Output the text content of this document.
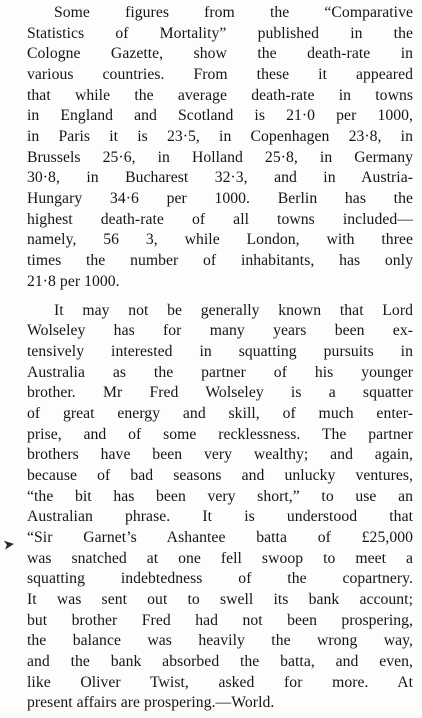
➤
Some figures from the “Comparative
Statistics of Mortality” published in the
Cologne Gazette, show the death-rate in
various countries. From these it appeared
that while the average death-rate in towns
in England and Scotland is 21·0 per 1000,
in Paris it is 23·5, in Copenhagen 23·8, in
Brussels 25·6, in Holland 25·8, in Germany
30·8, in Bucharest 32·3, and in Austria-
Hungary 34·6 per 1000. Berlin has the
highest death-rate of all towns included—
namely, 56 3, while London, with three
times the number of inhabitants, has only
21·8 per 1000.
It may not be generally known that Lord
Wolseley has for many years been ex-
tensively interested in squatting pursuits in
Australia as the partner of his younger
brother. Mr Fred Wolseley is a squatter
of great energy and skill, of much enter-
prise, and of some recklessness. The partner
brothers have been very wealthy; and again,
because of bad seasons and unlucky ventures,
“the bit has been very short,” to use an
Australian phrase. It is understood that
“Sir Garnet’s Ashantee batta of £25,000
was snatched at one fell swoop to meet a
squatting indebtedness of the copartnery.
It was sent out to swell its bank account;
but brother Fred had not been prospering,
the balance was heavily the wrong way,
and the bank absorbed the batta, and even,
like Oliver Twist, asked for more. At
present affairs are prospering.—World.
